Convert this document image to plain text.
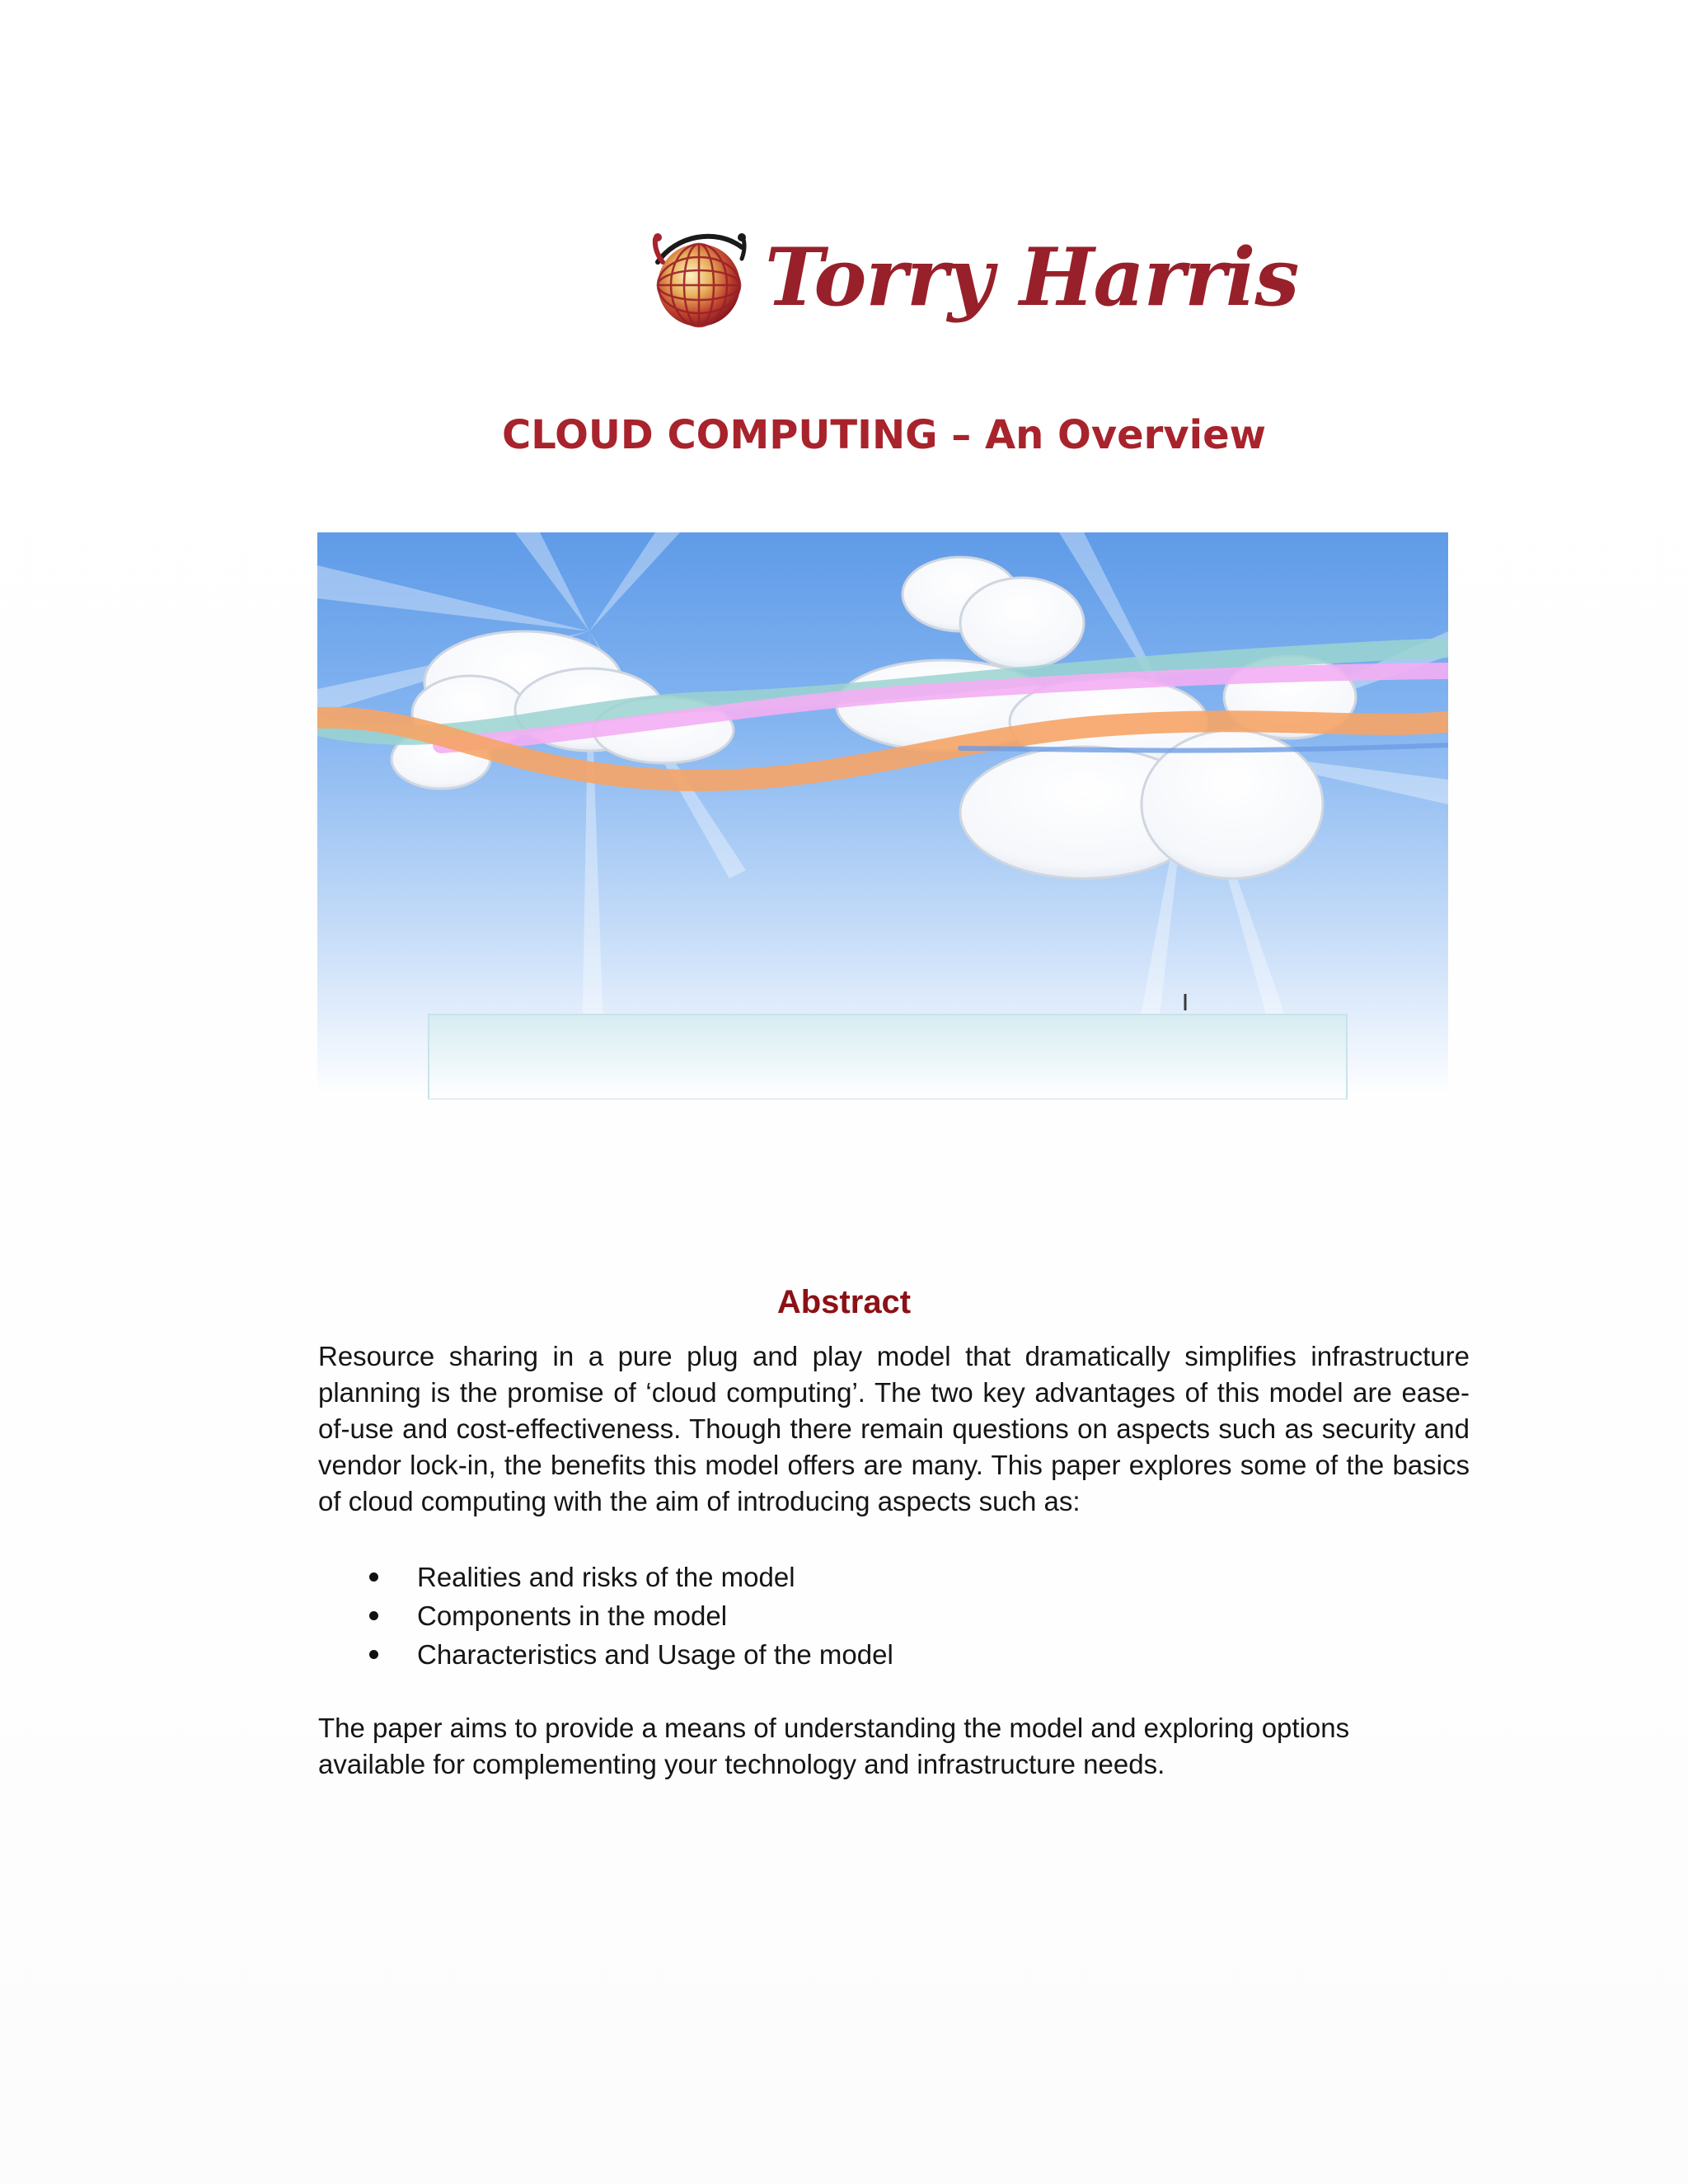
Torry Harris
CLOUD COMPUTING – An Overview
Abstract

Resource sharing in a pure plug and play model that dramatically simplifies infrastructure planning is the promise of ‘cloud computing’. The two key advantages of this model are ease-of-use and cost-effectiveness. Though there remain questions on aspects such as security and vendor lock-in, the benefits this model offers are many. This paper explores some of the basics of cloud computing with the aim of introducing aspects such as:

Realities and risks of the model
Components in the model
Characteristics and Usage of the model

The paper aims to provide a means of understanding the model and exploring options available for complementing your technology and infrastructure needs.
